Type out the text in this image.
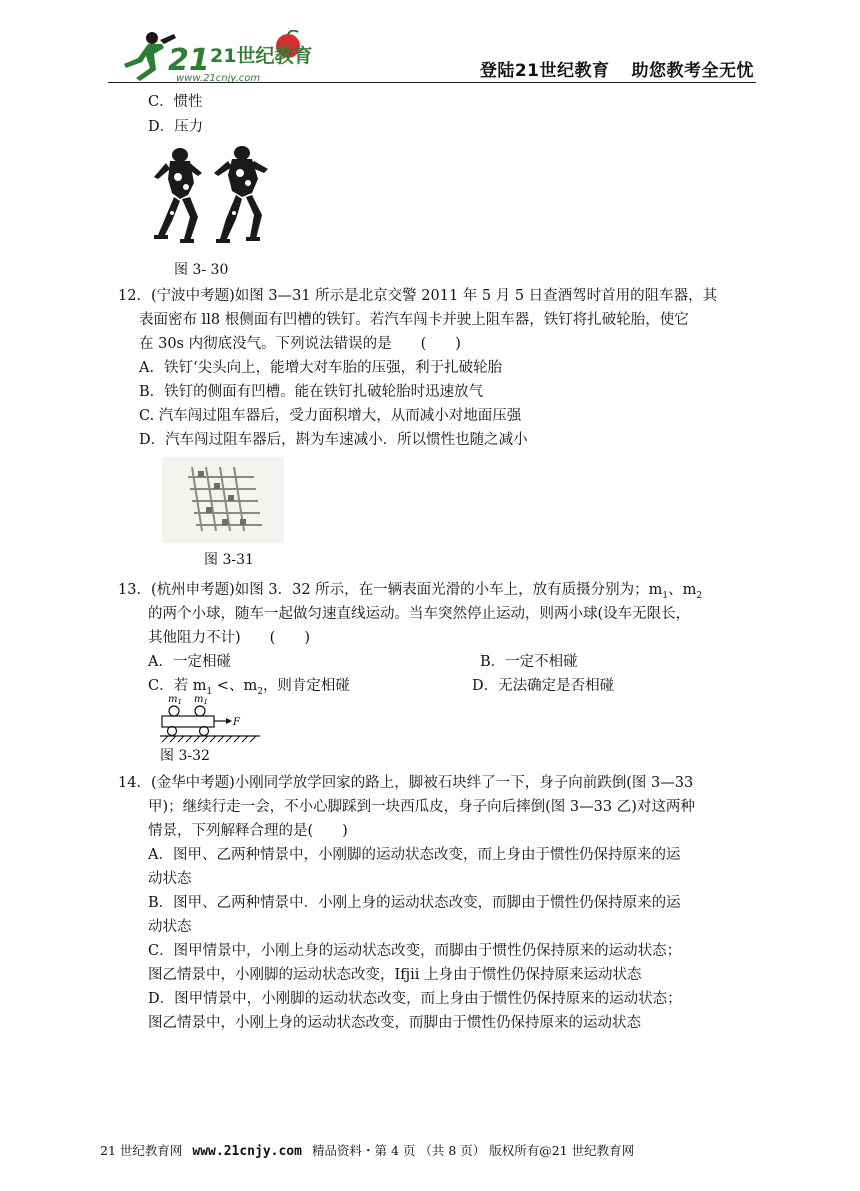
21 21世纪教育
www.21cnjy.com	登陆21世纪教育 助您教考全无忧
C．惯性
D．压力
图 3- 30
12．(宁波中考题)如图 3—31 所示是北京交警 2011 年 5 月 5 日查酒驾时首用的阻车器，其
表面密布 ll8 根侧面有凹槽的铁钉。若汽车闯卡并驶上阻车器，铁钉将扎破轮胎，使它
在 30s 内彻底没气。下列说法错误的是　　(　　)
A．铁钉‘尖头向上，能增大对车胎的压强，利于扎破轮胎
B．铁钉的侧面有凹槽。能在铁钉扎破轮胎时迅速放气
C. 汽车闯过阻车器后，受力面积增大，从而减小对地面压强
D．汽车闯过阻车器后，斟为车速减小．所以惯性也随之减小
图 3-31
13．(杭州申考题)如图 3．32 所示，在一辆表面光滑的小车上，放有质摄分别为；$m_1$、$m_2$
的两个小球，随车一起做匀速直线运动。当车突然停止运动，则两小球(设车无限长，
其他阻力不计)　　(　　)
A．一定相碰	B．一定不相碰
C．若 $m_1$ <、$m_2$，则肯定相碰	D．无法确定是否相碰
$m_1$ $m_1$
F
图 3-32
14．(金华中考题)小刚同学放学回家的路上，脚被石块绊了一下，身子向前跌倒(图 3—33
甲)；继续行走一会，不小心脚踩到一块西瓜皮，身子向后摔倒(图 3—33 乙)对这两种
情景，下列解释合理的是(　　)
A．图甲、乙两种情景中，小刚脚的运动状态改变，而上身由于惯性仍保持原来的运
动状态
B．图甲、乙两种情景中．小刚上身的运动状态改变，而脚由于惯性仍保持原来的运
动状态
C．图甲情景中，小刚上身的运动状态改变，而脚由于惯性仍保持原来的运动状态；
图乙情景中，小刚脚的运动状态改变，Ifjii 上身由于惯性仍保持原来运动状态
D．图甲情景中，小刚脚的运动状态改变，而上身由于惯性仍保持原来的运动状态；
图乙情景中，小刚上身的运动状态改变，而脚由于惯性仍保持原来的运动状态
21 世纪教育网 www.21cnjy.com 精品资料・第 4 页 （共 8 页） 版权所有@21 世纪教育网
